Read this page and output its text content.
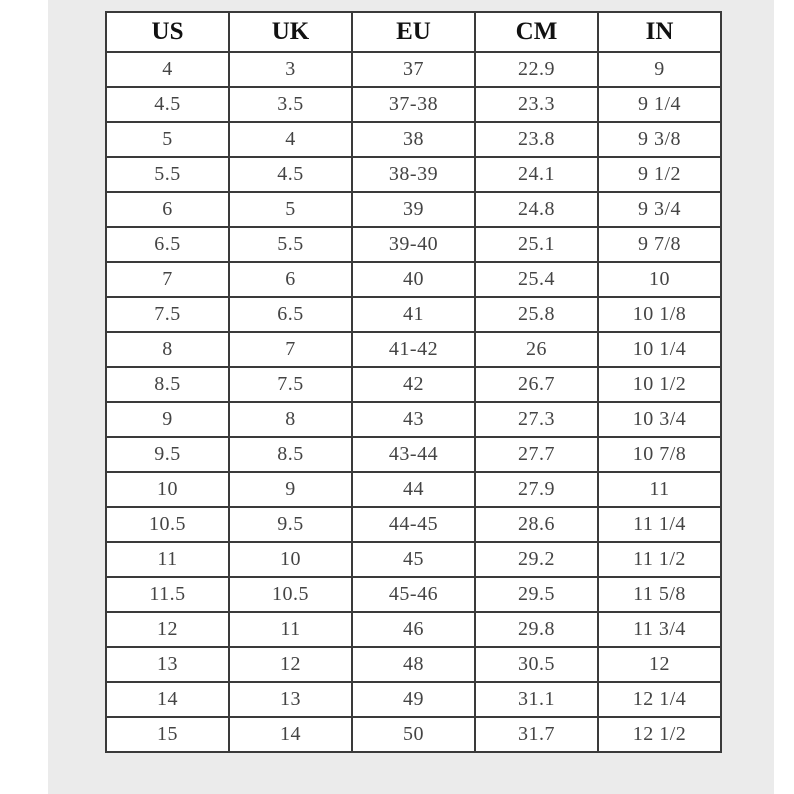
US	UK	EU	CM	IN
4	3	37	22.9	9
4.5	3.5	37-38	23.3	9 1/4
5	4	38	23.8	9 3/8
5.5	4.5	38-39	24.1	9 1/2
6	5	39	24.8	9 3/4
6.5	5.5	39-40	25.1	9 7/8
7	6	40	25.4	10
7.5	6.5	41	25.8	10 1/8
8	7	41-42	26	10 1/4
8.5	7.5	42	26.7	10 1/2
9	8	43	27.3	10 3/4
9.5	8.5	43-44	27.7	10 7/8
10	9	44	27.9	11
10.5	9.5	44-45	28.6	11 1/4
11	10	45	29.2	11 1/2
11.5	10.5	45-46	29.5	11 5/8
12	11	46	29.8	11 3/4
13	12	48	30.5	12
14	13	49	31.1	12 1/4
15	14	50	31.7	12 1/2
